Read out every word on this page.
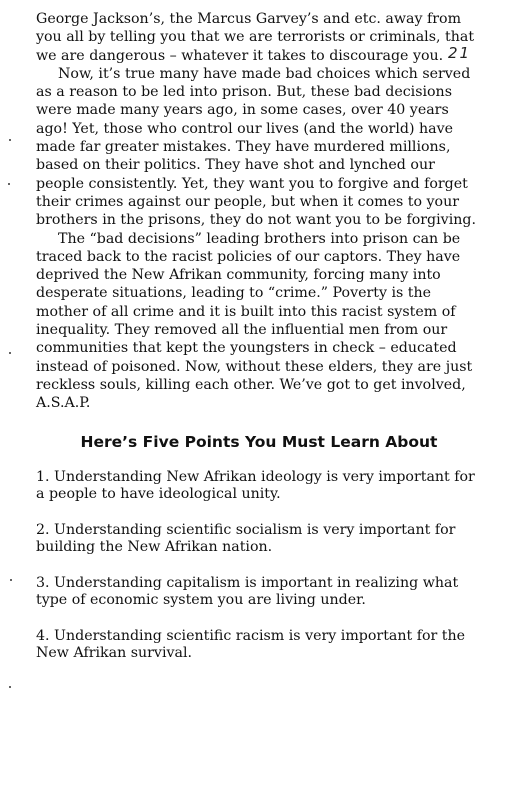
George Jackson’s, the Marcus Garvey’s and etc. away from you all by telling you that we are terrorists or criminals, that we are dangerous – whatever it takes to discourage you.

Now, it’s true many have made bad choices which served as a reason to be led into prison. But, these bad decisions were made many years ago, in some cases, over 40 years ago! Yet, those who control our lives (and the world) have made far greater mistakes. They have murdered millions, based on their politics. They have shot and lynched our people consistently. Yet, they want you to forgive and forget their crimes against our people, but when it comes to your brothers in the prisons, they do not want you to be forgiving.

The “bad decisions” leading brothers into prison can be traced back to the racist policies of our captors. They have deprived the New Afrikan community, forcing many into desperate situations, leading to “crime.” Poverty is the mother of all crime and it is built into this racist system of inequality. They removed all the influential men from our communities that kept the youngsters in check – educated instead of poisoned. Now, without these elders, they are just reckless souls, killing each other. We’ve got to get involved, A.S.A.P.

Here’s Five Points You Must Learn About

1. Understanding New Afrikan ideology is very important for a people to have ideological unity.

2. Understanding scientific socialism is very important for building the New Afrikan nation.

3. Understanding capitalism is important in realizing what type of economic system you are living under.

4. Understanding scientific racism is very important for the New Afrikan survival.

21
